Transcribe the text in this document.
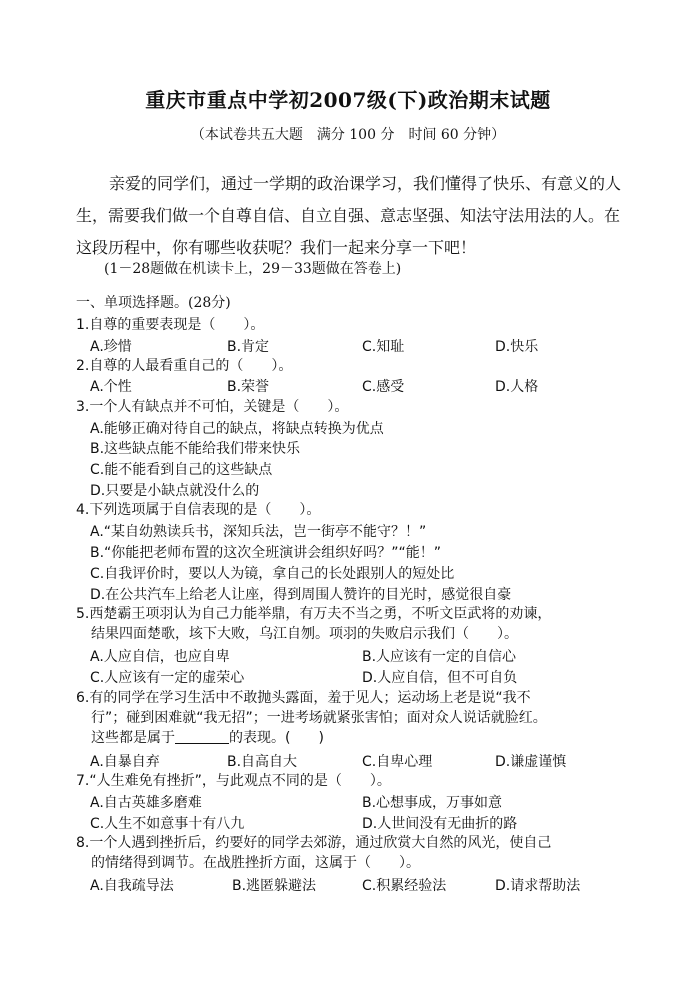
重庆市重点中学初2007级(下)政治期末试题
（本试卷共五大题　满分 100 分　时间 60 分钟）
亲爱的同学们，通过一学期的政治课学习，我们懂得了快乐、有意义的人生，需要我们做一个自尊自信、自立自强、意志坚强、知法守法用法的人。在这段历程中，你有哪些收获呢？我们一起来分享一下吧！
(1－28题做在机读卡上，29－33题做在答卷上)
一、单项选择题。(28分)
1.自尊的重要表现是（　　）。
A.珍惜	B.肯定	C.知耻	D.快乐
2.自尊的人最看重自己的（　　）。
A.个性	B.荣誉	C.感受	D.人格
3.一个人有缺点并不可怕，关键是（　　）。
A.能够正确对待自己的缺点，将缺点转换为优点
B.这些缺点能不能给我们带来快乐
C.能不能看到自己的这些缺点
D.只要是小缺点就没什么的
4.下列选项属于自信表现的是（　　）。
A.“某自幼熟读兵书，深知兵法，岂一街亭不能守？！”
B.“你能把老师布置的这次全班演讲会组织好吗？”“能！”
C.自我评价时，要以人为镜，拿自己的长处跟别人的短处比
D.在公共汽车上给老人让座，得到周围人赞许的目光时，感觉很自豪
5.西楚霸王项羽认为自己力能举鼎，有万夫不当之勇，不听文臣武将的劝谏，
结果四面楚歌，垓下大败，乌江自刎。项羽的失败启示我们（　　）。
A.人应自信，也应自卑	B.人应该有一定的自信心
C.人应该有一定的虚荣心	D.人应自信，但不可自负
6.有的同学在学习生活中不敢抛头露面，羞于见人；运动场上老是说“我不
行”；碰到困难就“我无招”；一进考场就紧张害怕；面对众人说话就脸红。
这些都是属于	的表现。(　　)
A.自暴自弃	B.自高自大	C.自卑心理	D.谦虚谨慎
7.“人生难免有挫折”，与此观点不同的是（　　）。
A.自古英雄多磨难	B.心想事成，万事如意
C.人生不如意事十有八九	D.人世间没有无曲折的路
8.一个人遇到挫折后，约要好的同学去郊游，通过欣赏大自然的风光，使自己
的情绪得到调节。在战胜挫折方面，这属于（　　）。
A.自我疏导法	B.逃匿躲避法	C.积累经验法	D.请求帮助法
